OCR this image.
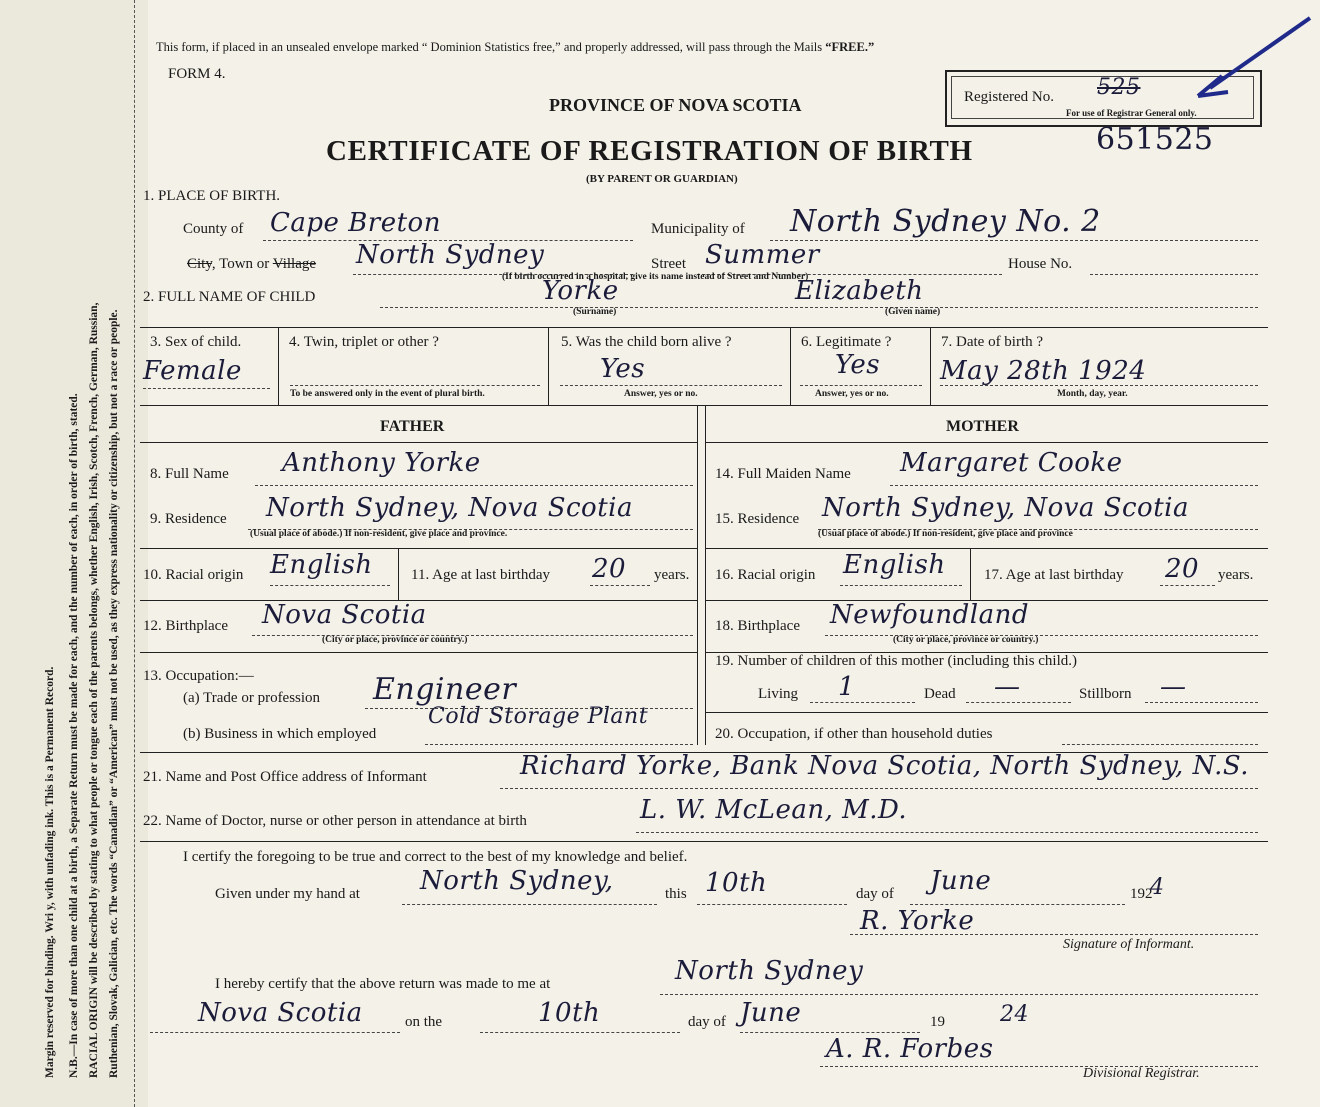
Margin reserved for binding. Wri y, with unfading ink. This is a Permanent Record. N.B.—In case of more than one child at a birth, a Separate Return must be made for each, and the number of each, in order of birth, stated. RACIAL ORIGIN will be described by stating to what people or tongue each of the parents belongs, whether English, Irish, Scotch, French, German, Russian, Ruthenian, Slovak, Galician, etc. The words “Canadian” or “American” must not be used, as they express nationality or citizenship, but not a race or people.
This form, if placed in an unsealed envelope marked “ Dominion Statistics free,” and properly addressed, will pass through the Mails “FREE.”
FORM 4.
PROVINCE OF NOVA SCOTIA
CERTIFICATE OF REGISTRATION OF BIRTH
(BY PARENT OR GUARDIAN)
Registered No. 525
For use of Registrar General only.
651525
1. PLACE OF BIRTH.
County of Cape Breton	Municipality of North Sydney No. 2
City, Town or Village North Sydney	Street Summer	House No.
(If birth occurred in a hospital, give its name instead of Street and Number)
2. FULL NAME OF CHILD	Yorke
(Surname)
Elizabeth
(Given name)
3. Sex of child.
Female
4. Twin, triplet or other ?
To be answered only in the event of plural birth.
5. Was the child born alive ?
Yes
Answer, yes or no.
6. Legitimate ?
Yes
Answer, yes or no.
7. Date of birth ?
May 28th 1924
Month, day, year.
FATHER	MOTHER
8. Full Name Anthony Yorke
9. Residence North Sydney, Nova Scotia
(Usual place of abode.) If non-resident, give place and province.
10. Racial origin English	11. Age at last birthday 20 years.
12. Birthplace Nova Scotia
(City or place, province or country.)
13. Occupation:—
(a) Trade or profession Engineer
(b) Business in which employed
Cold Storage Plant
14. Full Maiden Name Margaret Cooke
15. Residence North Sydney, Nova Scotia
(Usual place of abode.) If non-resident, give place and province
16. Racial origin English	17. Age at last birthday 20 years.
18. Birthplace Newfoundland
(City or place, province or country.)
19. Number of children of this mother (including this child.)
Living 1	Dead —	Stillborn —
20. Occupation, if other than household duties
21. Name and Post Office address of Informant	Richard Yorke, Bank Nova Scotia, North Sydney, N.S.
22. Name of Doctor, nurse or other person in attendance at birth	L. W. McLean, M.D.
I certify the foregoing to be true and correct to the best of my knowledge and belief.
Given under my hand at North Sydney,	this 10th	day of June	192
4
R. Yorke
Signature of Informant.
I hereby certify that the above return was made to me at	North Sydney
Nova Scotia	on the	10th	day of June	19	24
A. R. Forbes
Divisional Registrar.
